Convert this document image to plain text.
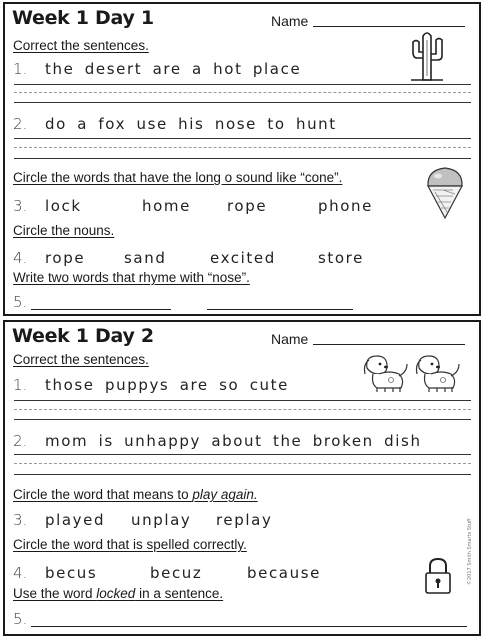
Week 1 Day 1	Name
Correct the sentences.
1. the desert are a hot place
2. do a fox use his nose to hunt
Circle the words that have the long o sound like “cone”.
3. lock	home rope	phone
Circle the nouns.
4. rope	sand	excited	store
Write two words that rhyme with “nose”.
5.
Week 1 Day 2	Name
Correct the sentences.
1. those puppys are so cute
2. mom is unhappy about the broken dish
Circle the word that means to play again.
3. played unplay replay
Circle the word that is spelled correctly.
4. becus	becuz	because
Use the word locked in a sentence.
5.
©2017 Smith Smarts Stuff
